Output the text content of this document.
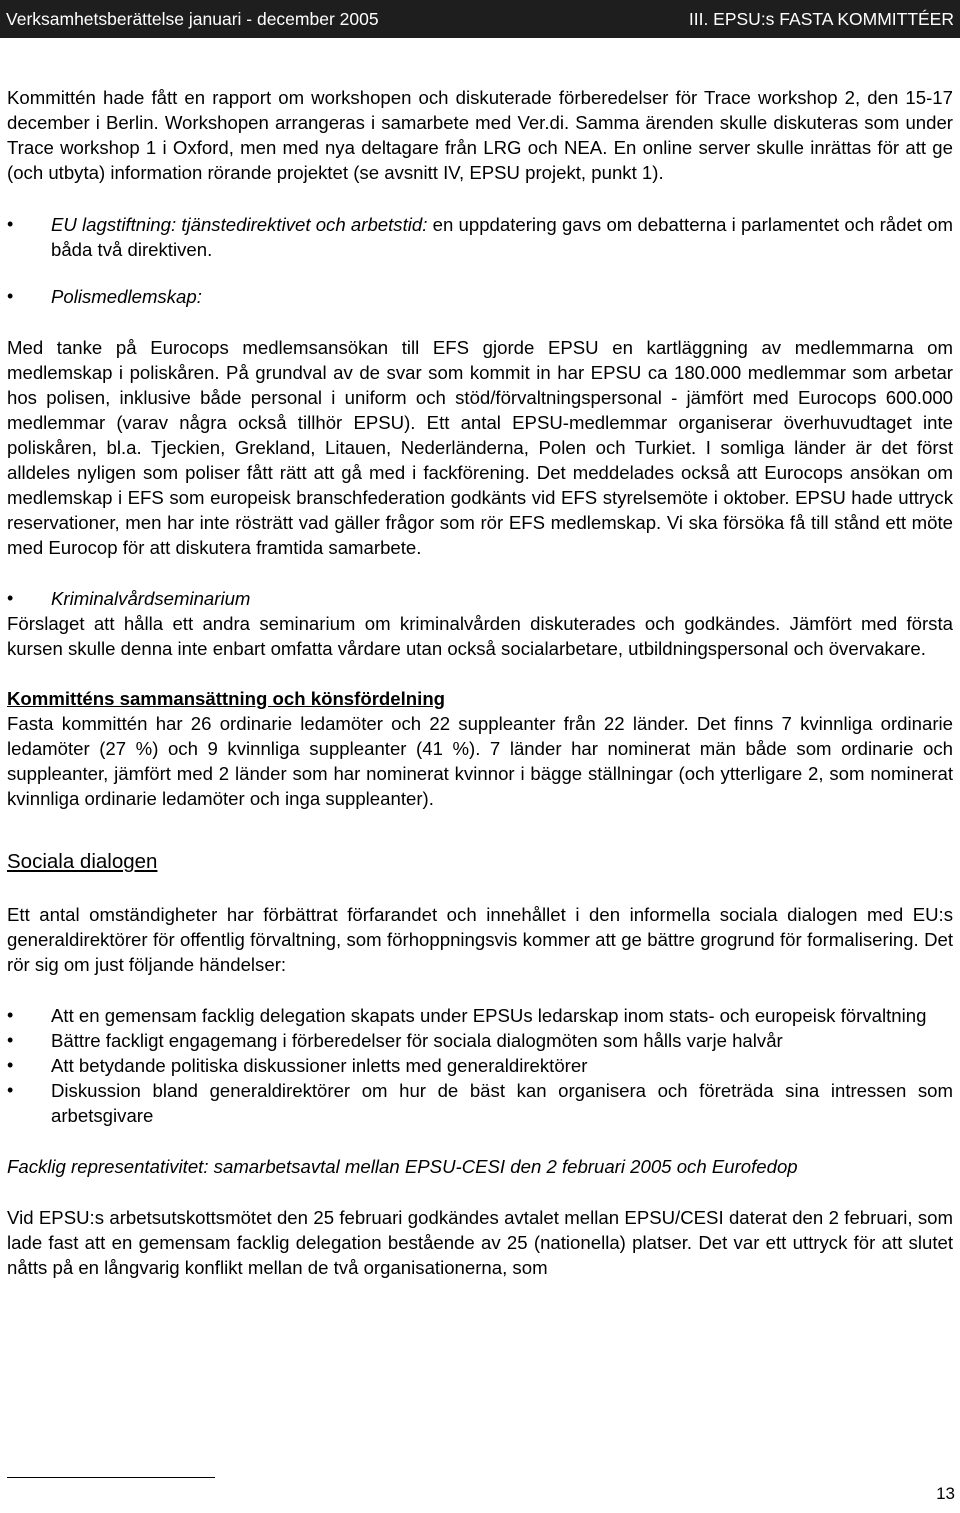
Verksamhetsberättelse januari - december 2005	III. EPSU:s FASTA KOMMITTÉER

Kommittén hade fått en rapport om workshopen och diskuterade förberedelser för Trace workshop 2, den 15-17 december i Berlin. Workshopen arrangeras i samarbete med Ver.di. Samma ärenden skulle diskuteras som under Trace workshop 1 i Oxford, men med nya deltagare från LRG och NEA. En online server skulle inrättas för att ge (och utbyta) information rörande projektet (se avsnitt IV, EPSU projekt, punkt 1).

• EU lagstiftning: tjänstedirektivet och arbetstid: en uppdatering gavs om debatterna i parlamentet och rådet om båda två direktiven.
• Polismedlemskap:

Med tanke på Eurocops medlemsansökan till EFS gjorde EPSU en kartläggning av medlemmarna om medlemskap i poliskåren. På grundval av de svar som kommit in har EPSU ca 180.000 medlemmar som arbetar hos polisen, inklusive både personal i uniform och stöd/förvaltningspersonal - jämfört med Eurocops 600.000 medlemmar (varav några också tillhör EPSU). Ett antal EPSU-medlemmar organiserar överhuvudtaget inte poliskåren, bl.a. Tjeckien, Grekland, Litauen, Nederländerna, Polen och Turkiet. I somliga länder är det först alldeles nyligen som poliser fått rätt att gå med i fackförening. Det meddelades också att Eurocops ansökan om medlemskap i EFS som europeisk branschfederation godkänts vid EFS styrelsemöte i oktober. EPSU hade uttryck reservationer, men har inte rösträtt vad gäller frågor som rör EFS medlemskap. Vi ska försöka få till stånd ett möte med Eurocop för att diskutera framtida samarbete.

• Kriminalvårdseminarium

Förslaget att hålla ett andra seminarium om kriminalvården diskuterades och godkändes. Jämfört med första kursen skulle denna inte enbart omfatta vårdare utan också socialarbetare, utbildningspersonal och övervakare.

Kommitténs sammansättning och könsfördelning

Fasta kommittén har 26 ordinarie ledamöter och 22 suppleanter från 22 länder. Det finns 7 kvinnliga ordinarie ledamöter (27 %) och 9 kvinnliga suppleanter (41 %). 7 länder har nominerat män både som ordinarie och suppleanter, jämfört med 2 länder som har nominerat kvinnor i bägge ställningar (och ytterligare 2, som nominerat kvinnliga ordinarie ledamöter och inga suppleanter).

Sociala dialogen

Ett antal omständigheter har förbättrat förfarandet och innehållet i den informella sociala dialogen med EU:s generaldirektörer för offentlig förvaltning, som förhoppningsvis kommer att ge bättre grogrund för formalisering. Det rör sig om just följande händelser:

• Att en gemensam facklig delegation skapats under EPSUs ledarskap inom stats- och europeisk förvaltning
• Bättre fackligt engagemang i förberedelser för sociala dialogmöten som hålls varje halvår
• Att betydande politiska diskussioner inletts med generaldirektörer
• Diskussion bland generaldirektörer om hur de bäst kan organisera och företräda sina intressen som arbetsgivare

Facklig representativitet: samarbetsavtal mellan EPSU-CESI den 2 februari 2005 och Eurofedop

Vid EPSU:s arbetsutskottsmötet den 25 februari godkändes avtalet mellan EPSU/CESI daterat den 2 februari, som lade fast att en gemensam facklig delegation bestående av 25 (nationella) platser. Det var ett uttryck för att slutet nåtts på en långvarig konflikt mellan de två organisationerna, som

13
